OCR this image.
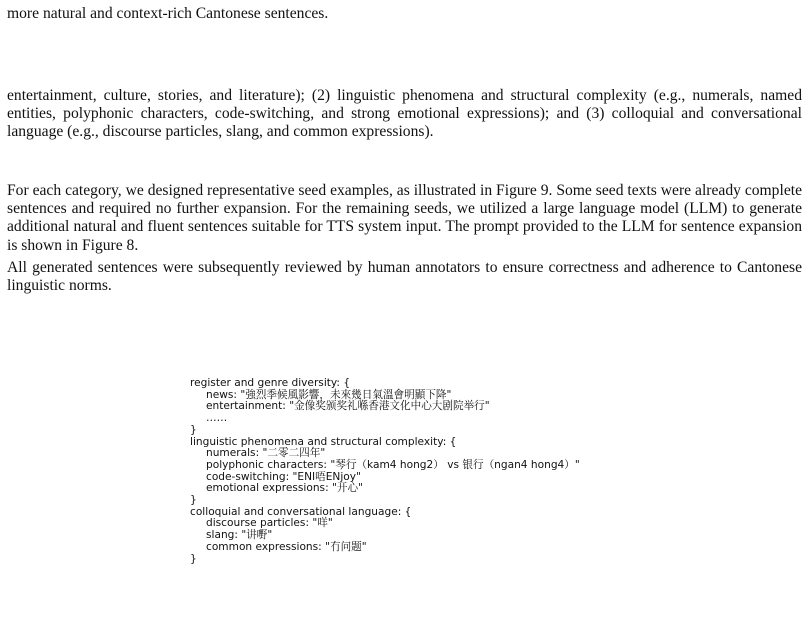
more natural and context-rich Cantonese sentences.

entertainment, culture, stories, and literature); (2) linguistic phenomena and structural complexity (e.g., numerals, named entities, polyphonic characters, code-switching, and strong emotional expressions); and (3) colloquial and conversational language (e.g., discourse particles, slang, and common expressions).

For each category, we designed representative seed examples, as illustrated in Figure 9. Some seed texts were already complete sentences and required no further expansion. For the remaining seeds, we utilized a large language model (LLM) to generate additional natural and fluent sentences suitable for TTS system input. The prompt provided to the LLM for sentence expansion is shown in Figure 8.

All generated sentences were subsequently reviewed by human annotators to ensure correctness and adherence to Cantonese linguistic norms.

register and genre diversity: {
news: "強烈季候風影響，未來幾日氣溫會明顯下降"
entertainment: "金像奖颁奖礼喺香港文化中心大剧院举行"
……
}
linguistic phenomena and structural complexity: {
numerals: "二零二四年"
polyphonic characters: "琴行（kam4 hong2） vs 银行（ngan4 hong4）"
code-switching: "ENI唔ENjoy"
emotional expressions: "开心"
}
colloquial and conversational language: {
discourse particles: "咩"
slang: "讲嘢"
common expressions: "冇问题"
}
